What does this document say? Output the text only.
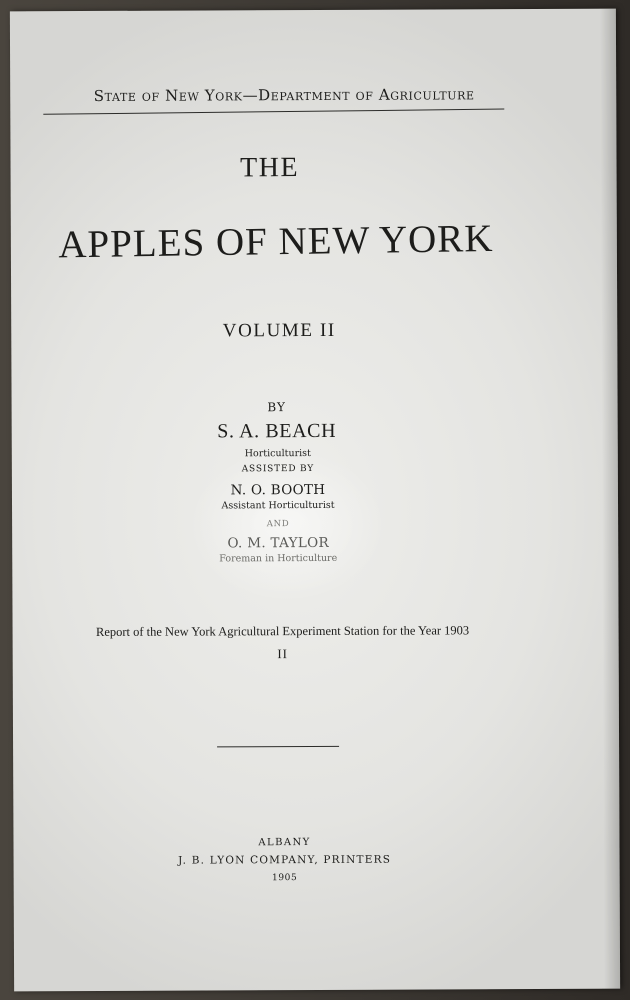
State of New York—Department of Agriculture
THE
APPLES OF NEW YORK
VOLUME II
BY
S. A. BEACH
Horticulturist
ASSISTED BY
N. O. BOOTH
Assistant Horticulturist
AND
O. M. TAYLOR
Foreman in Horticulture
Report of the New York Agricultural Experiment Station for the Year 1903
II
ALBANY
J. B. LYON COMPANY, PRINTERS
1905
